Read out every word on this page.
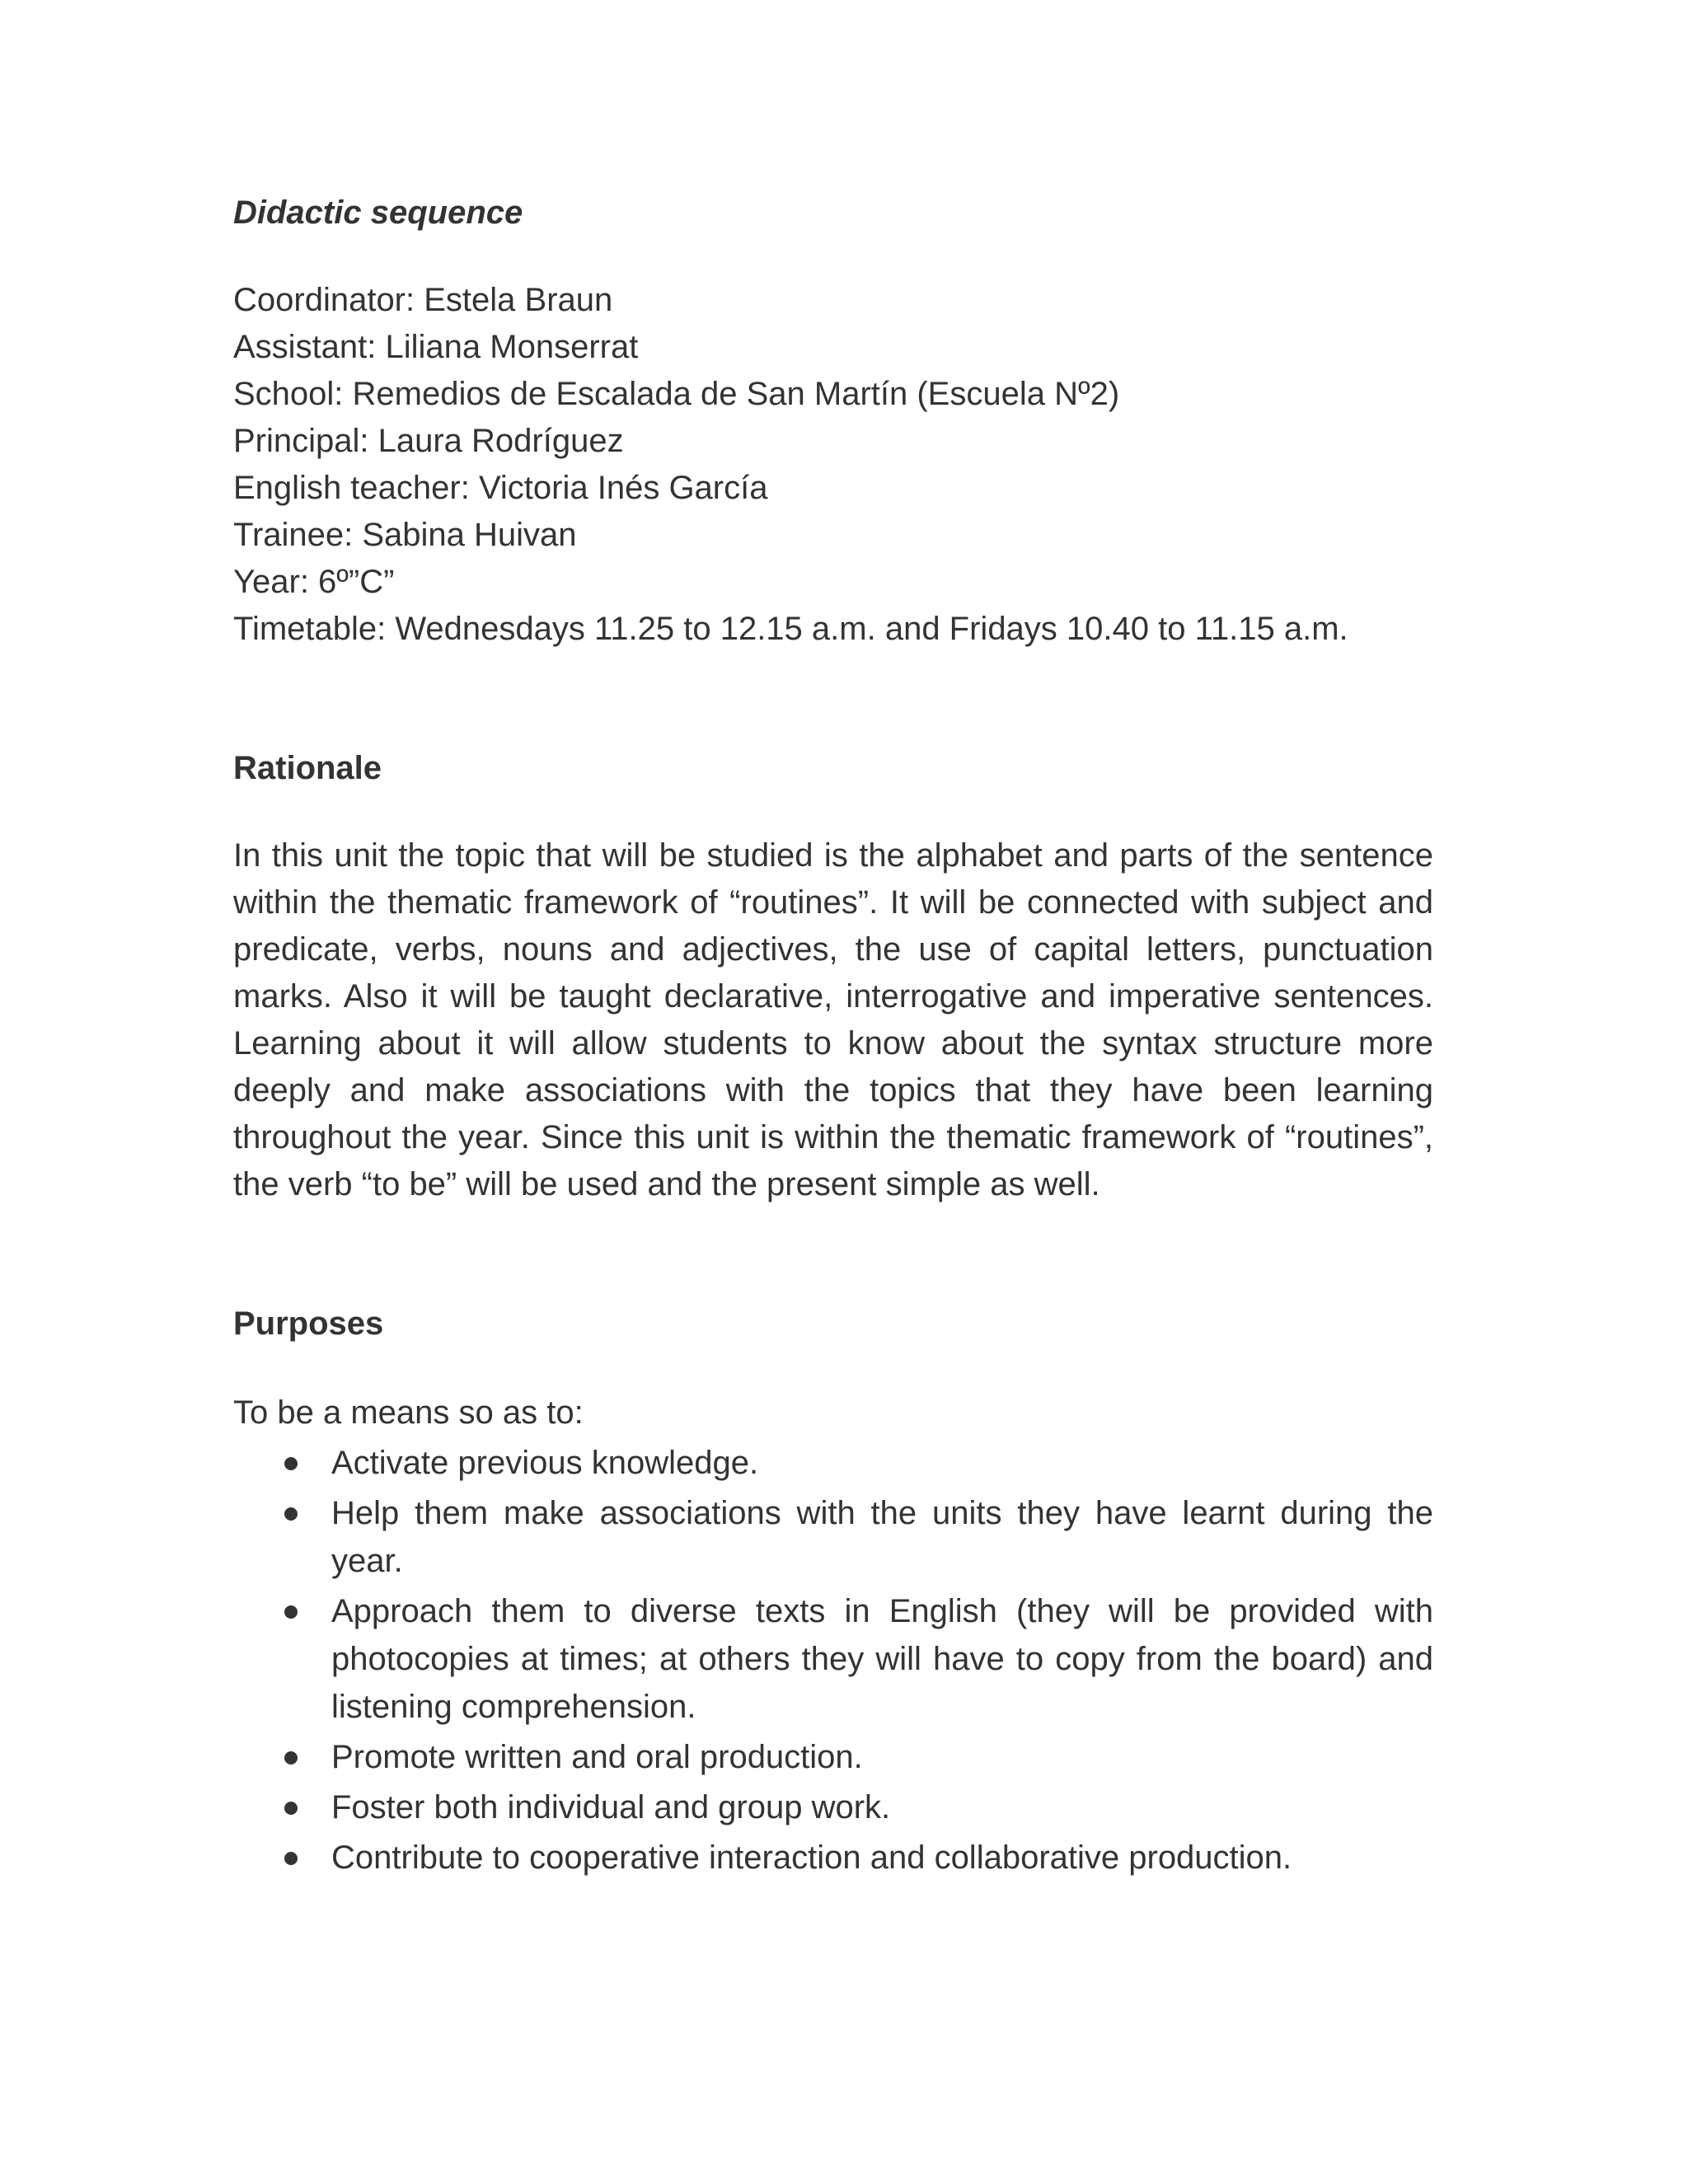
Didactic sequence

Coordinator: Estela Braun

Assistant: Liliana Monserrat

School: Remedios de Escalada de San Martín (Escuela Nº2)

Principal: Laura Rodríguez

English teacher: Victoria Inés García

Trainee: Sabina Huivan

Year: 6º”C”

Timetable: Wednesdays 11.25 to 12.15 a.m. and Fridays 10.40 to 11.15 a.m.

Rationale

In this unit the topic that will be studied is the alphabet and parts of the sentence within the thematic framework of “routines”. It will be connected with subject and predicate, verbs, nouns and adjectives, the use of capital letters, punctuation marks. Also it will be taught declarative, interrogative and imperative sentences. Learning about it will allow students to know about the syntax structure more deeply and make associations with the topics that they have been learning throughout the year. Since this unit is within the thematic framework of “routines”, the verb “to be” will be used and the present simple as well.

Purposes

To be a means so as to:

Activate previous knowledge.
Help them make associations with the units they have learnt during the year.
Approach them to diverse texts in English (they will be provided with photocopies at times; at others they will have to copy from the board) and listening comprehension.
Promote written and oral production.
Foster both individual and group work.
Contribute to cooperative interaction and collaborative production.
